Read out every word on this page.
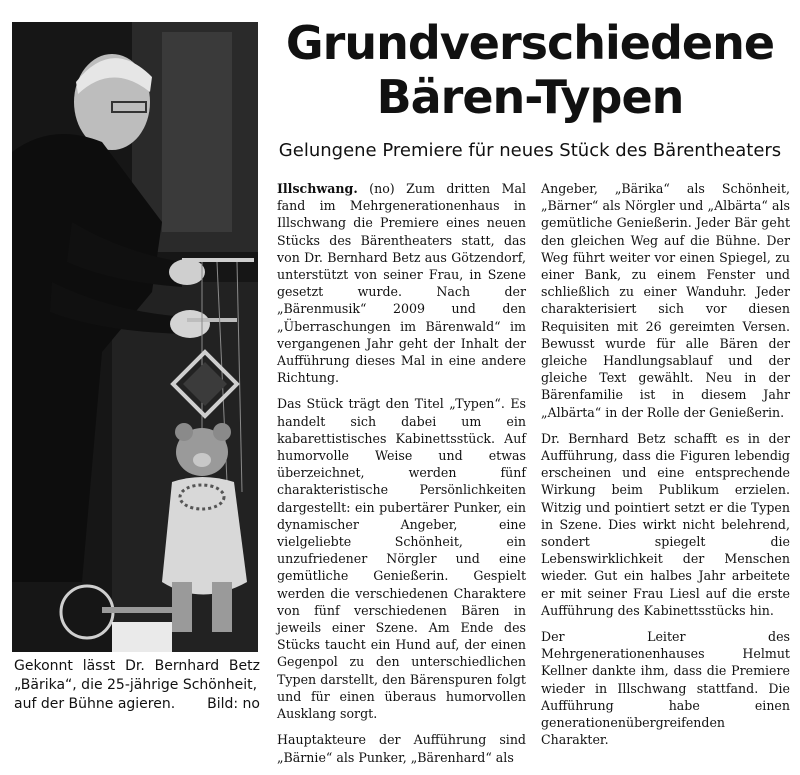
Gekonnt lässt Dr. Bernhard Betz „Bärika“, die 25-jährige Schönheit,
auf der Bühne agieren. Bild: no
Grundverschiedene
Bären-Typen
Gelungene Premiere für neues Stück des Bärentheaters

Illschwang. (no) Zum dritten Mal fand im Mehrgenerationenhaus in Illschwang die Premiere eines neuen Stücks des Bärentheaters statt, das von Dr. Bernhard Betz aus Götzendorf, unterstützt von seiner Frau, in Szene gesetzt wurde. Nach der „Bärenmusik“ 2009 und den „Überraschungen im Bärenwald“ im vergangenen Jahr geht der Inhalt der Aufführung dieses Mal in eine andere Richtung.

Das Stück trägt den Titel „Typen“. Es handelt sich dabei um ein kabarettistisches Kabinettsstück. Auf humorvolle Weise und etwas überzeichnet, werden fünf charakteristische Persönlichkeiten dargestellt: ein pubertärer Punker, ein dynamischer Angeber, eine vielgeliebte Schönheit, ein unzufriedener Nörgler und eine gemütliche Genießerin. Gespielt werden die verschiedenen Charaktere von fünf verschiedenen Bären in jeweils einer Szene. Am Ende des Stücks taucht ein Hund auf, der einen Gegenpol zu den unterschiedlichen Typen darstellt, den Bärenspuren folgt und für einen überaus humorvollen Ausklang sorgt.

Hauptakteure der Aufführung sind „Bärnie“ als Punker, „Bärenhard“ als

Angeber, „Bärika“ als Schönheit, „Bärner“ als Nörgler und „Albärta“ als gemütliche Genießerin. Jeder Bär geht den gleichen Weg auf die Bühne. Der Weg führt weiter vor einen Spiegel, zu einer Bank, zu einem Fenster und schließlich zu einer Wanduhr. Jeder charakterisiert sich vor diesen Requisiten mit 26 gereimten Versen. Bewusst wurde für alle Bären der gleiche Handlungsablauf und der gleiche Text gewählt. Neu in der Bärenfamilie ist in diesem Jahr „Albärta“ in der Rolle der Genießerin.

Dr. Bernhard Betz schafft es in der Aufführung, dass die Figuren lebendig erscheinen und eine entsprechende Wirkung beim Publikum erzielen. Witzig und pointiert setzt er die Typen in Szene. Dies wirkt nicht belehrend, sondert spiegelt die Lebenswirklichkeit der Menschen wieder. Gut ein halbes Jahr arbeitete er mit seiner Frau Liesl auf die erste Aufführung des Kabinettsstücks hin.

Der Leiter des Mehrgenerationenhauses Helmut Kellner dankte ihm, dass die Premiere wieder in Illschwang stattfand. Die Aufführung habe einen generationenübergreifenden Charakter.
